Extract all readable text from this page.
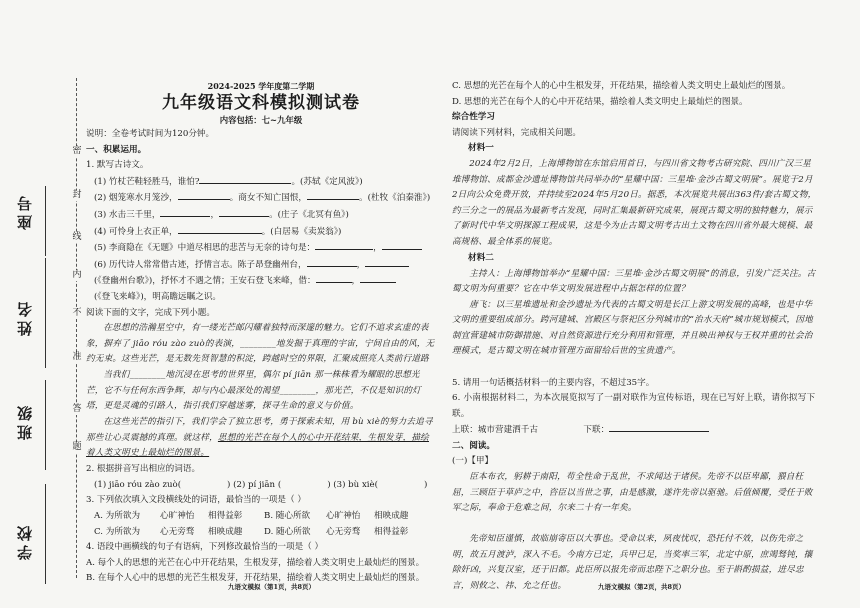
密
封
线
内
不
准
答
题
座号
姓名
班级
学校
2024-2025 学年度第二学期
九年级语文科模拟测试卷
内容包括：七~九年级
说明：全卷考试时间为120分钟。
一、积累运用。
1. 默写古诗文。
(1) 竹杖芒鞋轻胜马，谁怕?	。(苏轼《定风波》)
(2) 烟笼寒水月笼沙，	。商女不知亡国恨，	。(杜牧《泊秦淮》)
(3) 水击三千里，	，	。(庄子《北冥有鱼》)
(4) 可怜身上衣正单，	。(白居易《卖炭翁》)
(5) 李商隐在《无题》中道尽相思的悲苦与无奈的诗句是：	，
(6) 历代诗人常常借古迹，抒情言志。陈子昂登幽州台，	，
(《登幽州台歌》)，抒怀才不遇之情；王安石登飞来峰，借：	，
(《登飞来峰》)，明高瞻远瞩之识。
阅读下面的文字，完成下列小题。
在思想的浩瀚星空中，有一缕光芒邮闪耀着独特而深邃的魅力。它们不追求玄虚的表象，摒弃了 jiāo róu zào zuò的表演，________地发掘于真理的宇宙，宁间自由的风，无约无束。这些光芒，是无数先贤智慧的积淀，跨越时空的界限，汇聚成照亮人类前行道路
当我们________地沉浸在思考的世界里，偶尔 pí jiān 那一株株看为耀眼的思想光芒，它不与任何东西争辉，却与内心最深处的渴望________，那光芒，不仅是知识的灯塔，更是灵魂的引路人，指引我们穿越迷雾，探寻生命的意义与价值。
在这些光芒的指引下，我们学会了独立思考，勇于探索未知，用 bù xiè的努力去追寻那些让心灵震撼的真理。就这样，思想的光芒在每个人的心中开花结果，生根发芽，描绘着人类文明史上最灿烂的图景。
2. 根据拼音写出相应的词语。
(1) jiāo róu zào zuò(	) (2) pí jiān (	) (3) bù xiè(	)
3. 下列依次填入文段横线处的词语，最恰当的一项是（ ）
A. 为所欲为	心旷神怡	相得益彰	B. 随心所欲	心旷神怡	相映成趣
C. 为所欲为	心无旁骛	相映成趣	D. 随心所欲	心无旁骛	相得益彰
4. 语段中画横线的句子有语病，下列修改最恰当的一项是（ ）
A. 每个人的思想的光芒在心中开花结果，生根发芽，描绘着人类文明史上最灿烂的图景。
B. 在每个人心中的思想的光芒生根发芽，开花结果，描绘着人类文明史上最灿烂的图景。
九语文模拟（第1页，共8页）
C. 思想的光芒在每个人的心中生根发芽，开花结果，描绘着人类文明史上最灿烂的图景。
D. 思想的光芒在每个人的心中开花结果，描绘着人类文明史上最灿烂的图景。
综合性学习
请阅读下列材料，完成相关问题。
材料一
2024年2月2日，上海博物馆在东馆启用首日，与四川省文物考古研究院、四川广汉三星堆博物馆、成都金沙遗址博物馆共同举办的“星耀中国：三星堆·金沙古蜀文明展”。展览于2月2日向公众免费开放，并持续至2024年5月20日。据悉，本次展览共展出363件/套古蜀文物，约三分之一的展品为最新考古发现，同时汇集最新研究成果，展现古蜀文明的独特魅力，展示了新时代中华文明探源工程成果，这是今为止古蜀文明考古出土文物在四川省外最大规模、最高规格、最全体系的展览。
材料二
主持人：上海博物馆举办“星耀中国：三星堆·金沙古蜀文明展”的消息，引发广泛关注。古蜀文明为何重要？它在中华文明发展进程中占据怎样的位置？
唐飞：以三星堆遗址和金沙遗址为代表的古蜀文明是长江上游文明发展的高峰，也是中华文明的重要组成部分。跨河建城、宫殿区与祭祀区分列城市的“治水天府”城市规划模式，因地制宜营建城市防御措施、对自然资源进行充分利用和管理，并且映出神权与王权并重的社会治理模式，是古蜀文明在城市管理方面留给后世的宝贵遗产。
5. 请用一句话概括材料一的主要内容，不超过35字。
6. 小南根据材料二，为本次展览拟写了一副对联作为宣传标语，现在已写好上联，请你拟写下联。
上联：城市营建洒千古	下联：
二、阅读。
(一)【甲】
臣本布衣，躬耕于南阳，苟全性命于乱世，不求闻达于诸侯。先帝不以臣卑鄙，猥自枉屈，三顾臣于草庐之中，咨臣以当世之事，由是感激，遂许先帝以驱驰。后值倾覆，受任于败军之际，奉命于危难之间，尔来二十有一年矣。
先帝知臣谨慎，故临崩寄臣以大事也。受命以来，夙夜忧叹，恐托付不效，以伤先帝之明，故五月渡泸，深入不毛。今南方已定，兵甲已足，当奖率三军，北定中原，庶竭驽钝，攘除奸凶，兴复汉室，还于旧都。此臣所以报先帝而忠陛下之职分也。至于斟酌损益，进尽忠言，则攸之、祎、允之任也。	九语文模拟（第2页，共8页）
